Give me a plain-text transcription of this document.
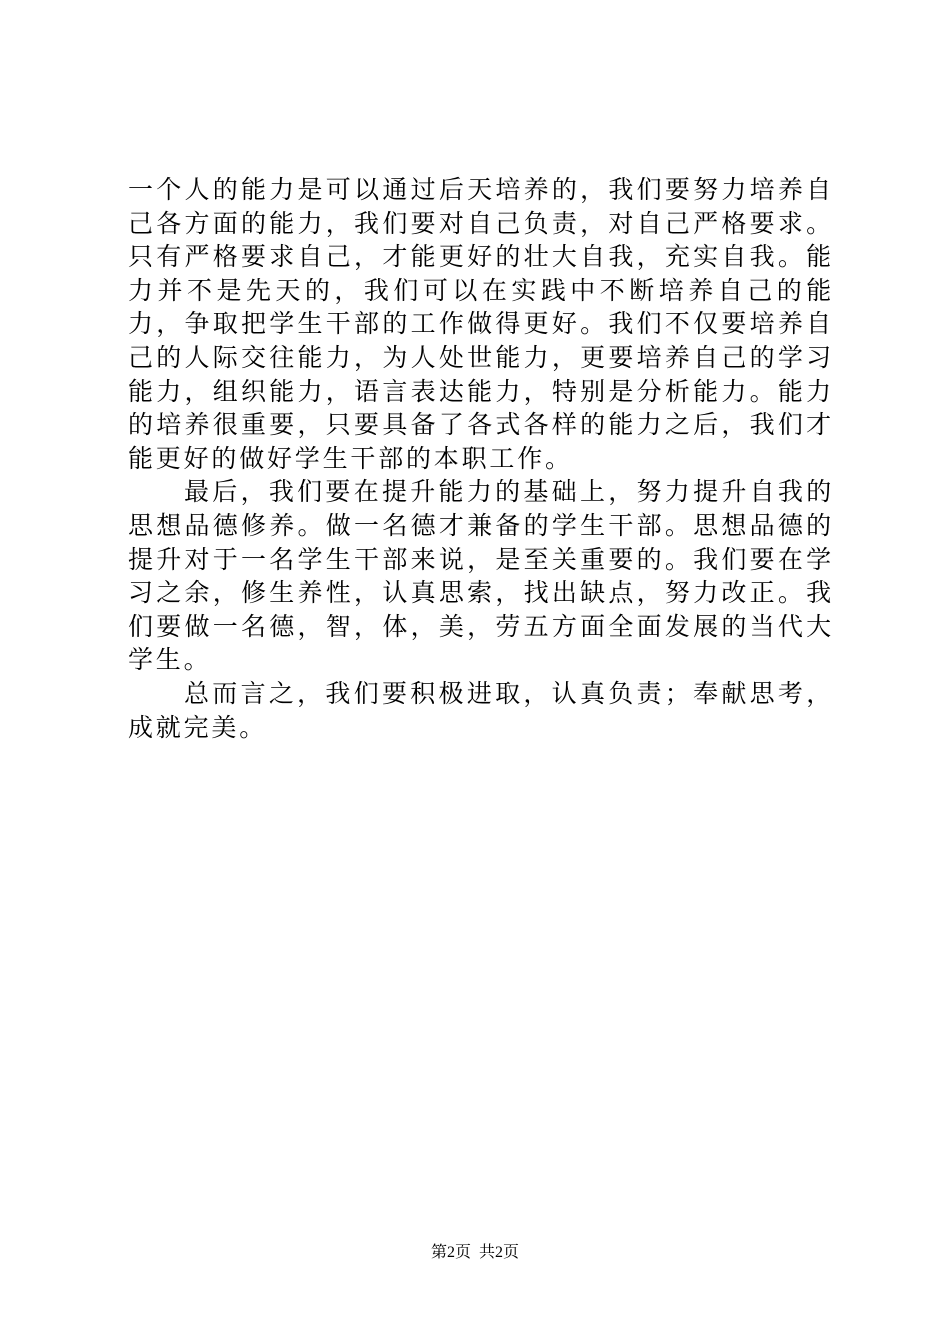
一个人的能力是可以通过后天培养的，我们要努力培养自己各方面的能力，我们要对自己负责，对自己严格要求。只有严格要求自己，才能更好的壮大自我，充实自我。能力并不是先天的，我们可以在实践中不断培养自己的能力，争取把学生干部的工作做得更好。我们不仅要培养自己的人际交往能力，为人处世能力，更要培养自己的学习能力，组织能力，语言表达能力，特别是分析能力。能力的培养很重要，只要具备了各式各样的能力之后，我们才能更好的做好学生干部的本职工作。

最后，我们要在提升能力的基础上，努力提升自我的思想品德修养。做一名德才兼备的学生干部。思想品德的提升对于一名学生干部来说，是至关重要的。我们要在学习之余，修生养性，认真思索，找出缺点，努力改正。我们要做一名德，智，体，美，劳五方面全面发展的当代大学生。

总而言之，我们要积极进取，认真负责；奉献思考，成就完美。

第2页 共2页
